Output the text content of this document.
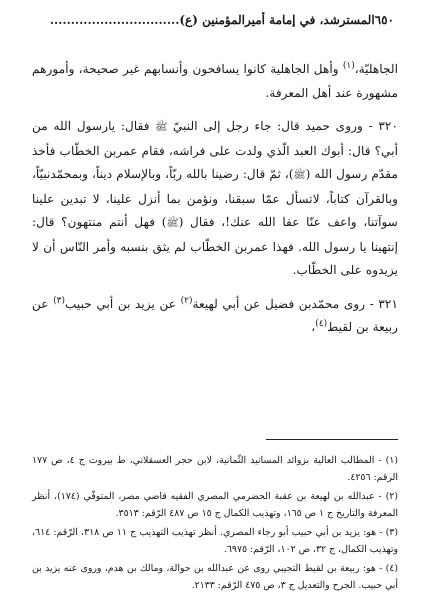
٦٥٠
المسترشد، في إمامة أميرالمؤمنين (ع)...............................

الجاهليّة،$^{(١)}$ وأهل الجاهلية كانوا يسافحون وأنسابهم غير صحيحة، وأمورهم مشهورة عند أهل المعرفة.

٣٢٠ - وروى حميد قال: جاء رجل إلى النبيّ ﷺ فقال: يارسول الله من أبي؟ قال: أبوك العبد الّذي ولدت على فراشه، فقام عمربن الخطّاب فأخذ مقدّم رسول الله (ﷺ)، ثمّ قال: رضينا بالله ربّاً، وبالإسلام ديناً، وبمحمّدنبيّاً، وبالقرآن كتاباً، لاتسأل عمّا سبقنا، ونؤمن بما أنزل علينا، لا تبدين علينا سوآتنا، واعف عنّا عفا الله عنك!، فقال (ﷺ) فهل أنتم منتهون؟ قال: إنتهينا يا رسول الله. فهذا عمربن الخطّاب لم يثق بنسبه وأمر النّاس أن لا يزيدوه على الخطّاب.

٣٢١ - روى محمّدبن فضيل عن أبي لهيعة$^{(٢)}$ عن يزيد بن أبي حبيب$^{(٣)}$ عن ربيعة بن لقيط$^{(٤)}$،

(١) - المطالب العالية بزوائد المسانيد الثّمانية، لابن حجر العسقلاني، ط بيروت ج ٤، ص ١٧٧ الرقم: ٤٢٥٦.

(٢) - عبدالله بن لهيعة بن عقبة الحضرمي المصري الفقيه قاضي مصر، المتوفّي (١٧٤)، أنظر المعرفة والتاريخ ج ١ ص ١٦٥، وتهذيب الكمال ج ١٥ ص ٤٨٧ الرّقم: ٣٥١٣.

(٣) - هو: يزيد بن أبي حبيب أبو رجاء المصري. أنظر تهذيب التهذيب ج ١١ ص ٣١٨، الرّقم: ٦١٤، وتهذيب الكمال، ج ٣٢، ص ١٠٢، الرّقم: ٦٩٧٥.

(٤) - هو: ربيعة بن لقيط التجيبي روى عن عبدالله بن حوالة، ومالك بن هدم، وروى عنه يزيد بن أبي حبيب. الجرح والتعديل ج ٣، ص ٤٧٥ الرّقم: ٢١٣٣.
